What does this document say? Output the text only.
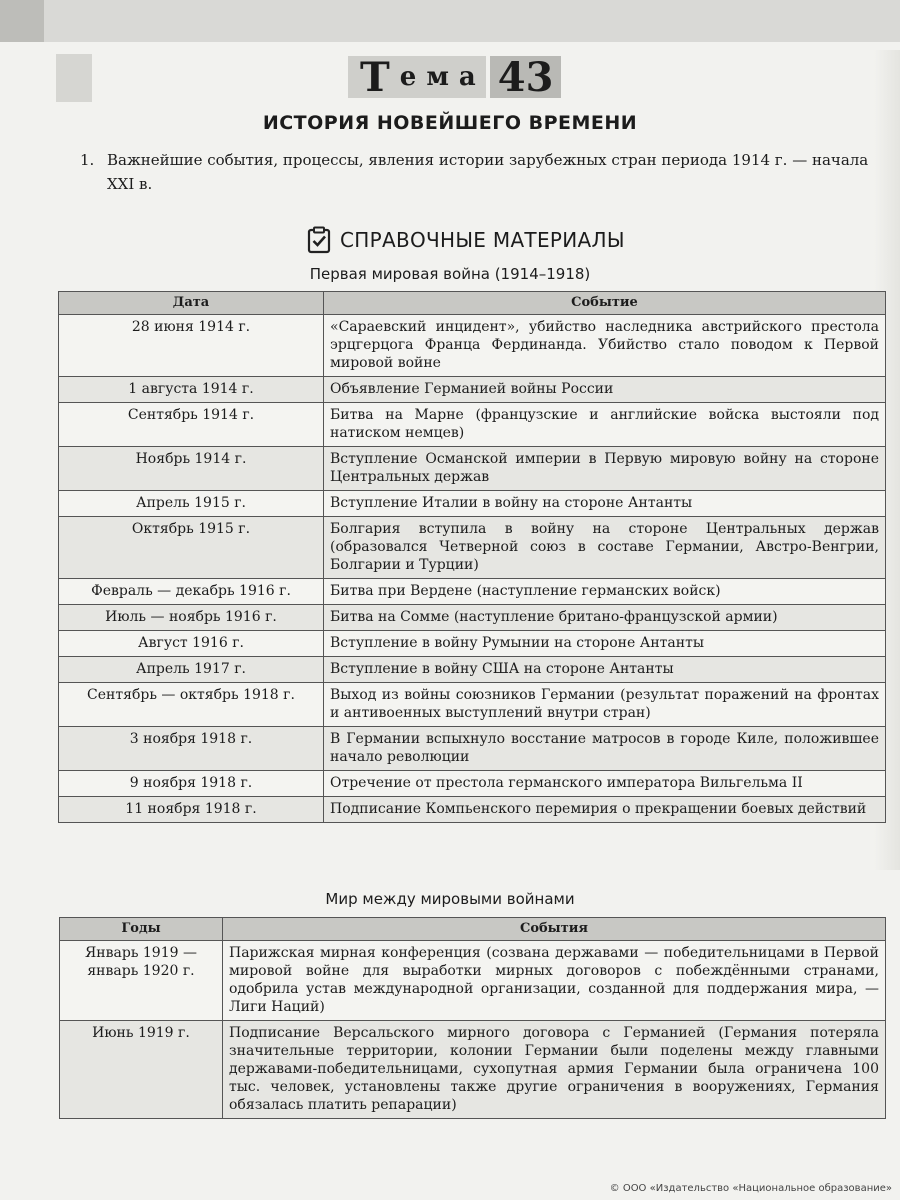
Т е м а 43
ИСТОРИЯ НОВЕЙШЕГО ВРЕМЕНИ
1. Важнейшие события, процессы, явления истории зарубежных стран периода 1914 г. — начала XXI в.
СПРАВОЧНЫЕ МАТЕРИАЛЫ
Первая мировая война (1914–1918)
Дата	Событие
28 июня 1914 г.	«Сараевский инцидент», убийство наследника австрийского престола эрцгерцога Франца Фердинанда. Убийство стало поводом к Первой мировой войне
1 августа 1914 г.	Объявление Германией войны России
Сентябрь 1914 г.	Битва на Марне (французские и английские войска выстояли под натиском немцев)
Ноябрь 1914 г.	Вступление Османской империи в Первую мировую войну на стороне Центральных держав
Апрель 1915 г.	Вступление Италии в войну на стороне Антанты
Октябрь 1915 г.	Болгария вступила в войну на стороне Центральных держав (образовался Четверной союз в составе Германии, Австро-Венгрии, Болгарии и Турции)
Февраль — декабрь 1916 г.	Битва при Вердене (наступление германских войск)
Июль — ноябрь 1916 г.	Битва на Сомме (наступление британо-французской армии)
Август 1916 г.	Вступление в войну Румынии на стороне Антанты
Апрель 1917 г.	Вступление в войну США на стороне Антанты
Сентябрь — октябрь 1918 г.	Выход из войны союзников Германии (результат поражений на фронтах и антивоенных выступлений внутри стран)
3 ноября 1918 г.	В Германии вспыхнуло восстание матросов в городе Киле, положившее начало революции
9 ноября 1918 г.	Отречение от престола германского императора Вильгельма II
11 ноября 1918 г.	Подписание Компьенского перемирия о прекращении боевых действий
Мир между мировыми войнами
Годы	События
Январь 1919 — январь 1920 г.	Парижская мирная конференция (созвана державами — победительницами в Первой мировой войне для выработки мирных договоров с побеждёнными странами, одобрила устав международной организации, созданной для поддержания мира, — Лиги Наций)
Июнь 1919 г.	Подписание Версальского мирного договора с Германией (Германия потеряла значительные территории, колонии Германии были поделены между главными державами-победительницами, сухопутная армия Германии была ограничена 100 тыс. человек, установлены также другие ограничения в вооружениях, Германия обязалась платить репарации)
© ООО «Издательство «Национальное образование»
